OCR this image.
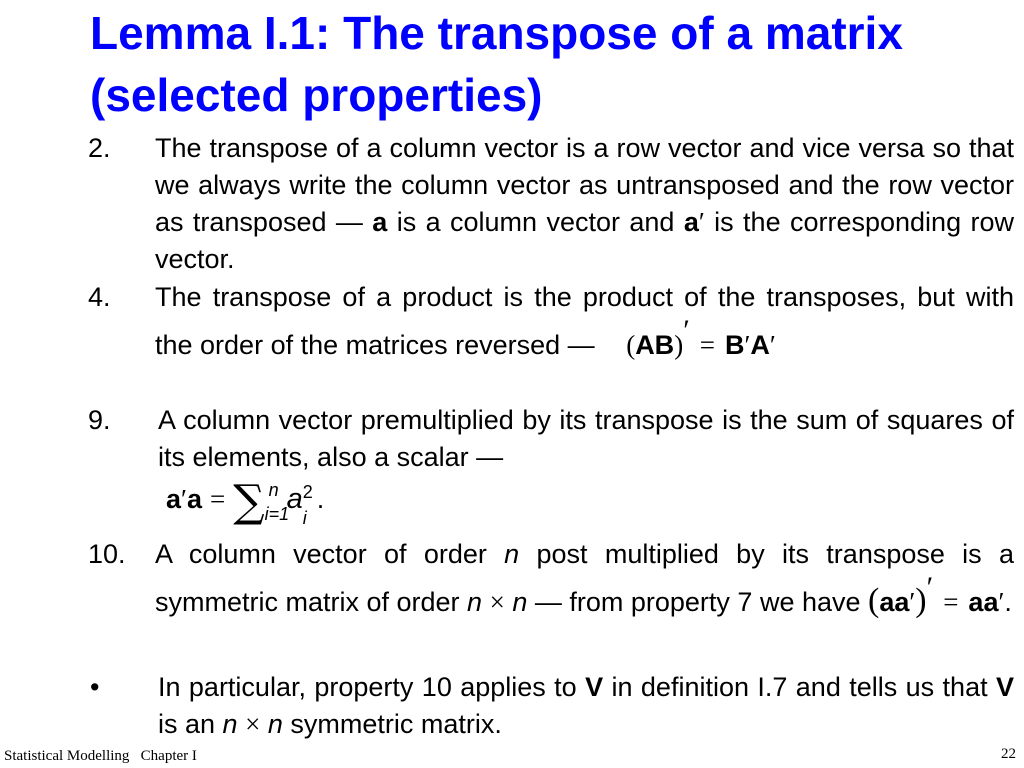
Lemma I.1: The transpose of a matrix (selected properties)
2. The transpose of a column vector is a row vector and vice versa so that we always write the column vector as untransposed and the row vector as transposed — a is a column vector and a′ is the corresponding row vector.
4. The transpose of a product is the product of the transposes, but with the order of the matrices reversed — (AB)′ = B′A′
9. A column vector premultiplied by its transpose is the sum of squares of its elements, also a scalar —
a′a = ∑ n
i=1
a
i
2 .
10. A column vector of order n post multiplied by its transpose is a symmetric matrix of order n × n — from property 7 we have (aa′)′ = aa′.
• In particular, property 10 applies to V in definition I.7 and tells us that V is an n × n symmetric matrix.
Statistical Modelling   Chapter I	22
